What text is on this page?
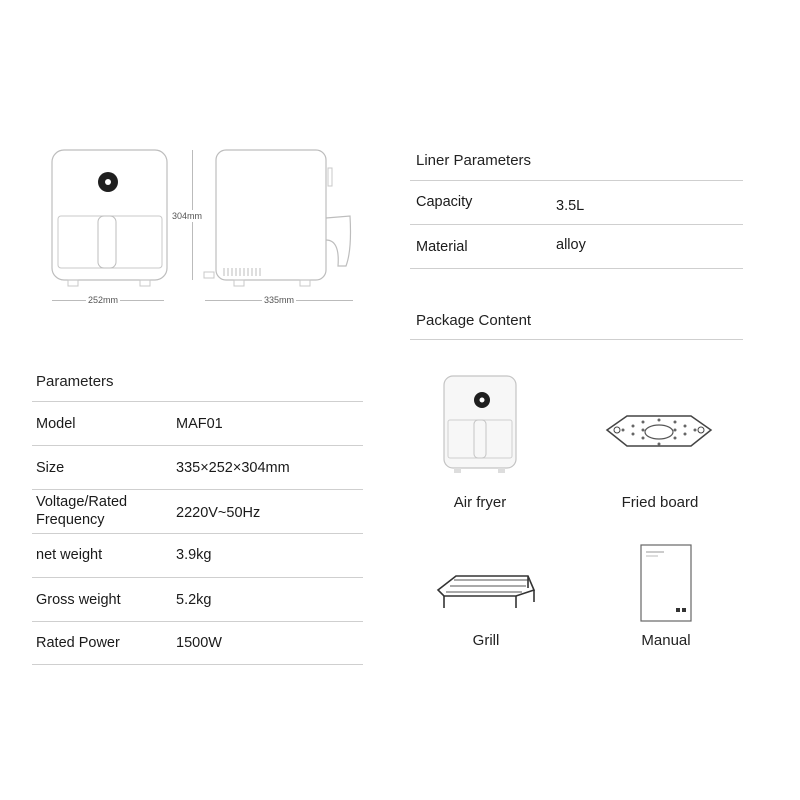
252mm
304mm
335mm
Liner Parameters
Capacity	3.5L
Material	alloy
Package Content
Air fryer	Fried board
Grill	Manual
Parameters
Model	MAF01
Size	335×252×304mm
Voltage/Rated Frequency	2220V~50Hz
net weight	3.9kg
Gross weight	5.2kg
Rated Power	1500W
